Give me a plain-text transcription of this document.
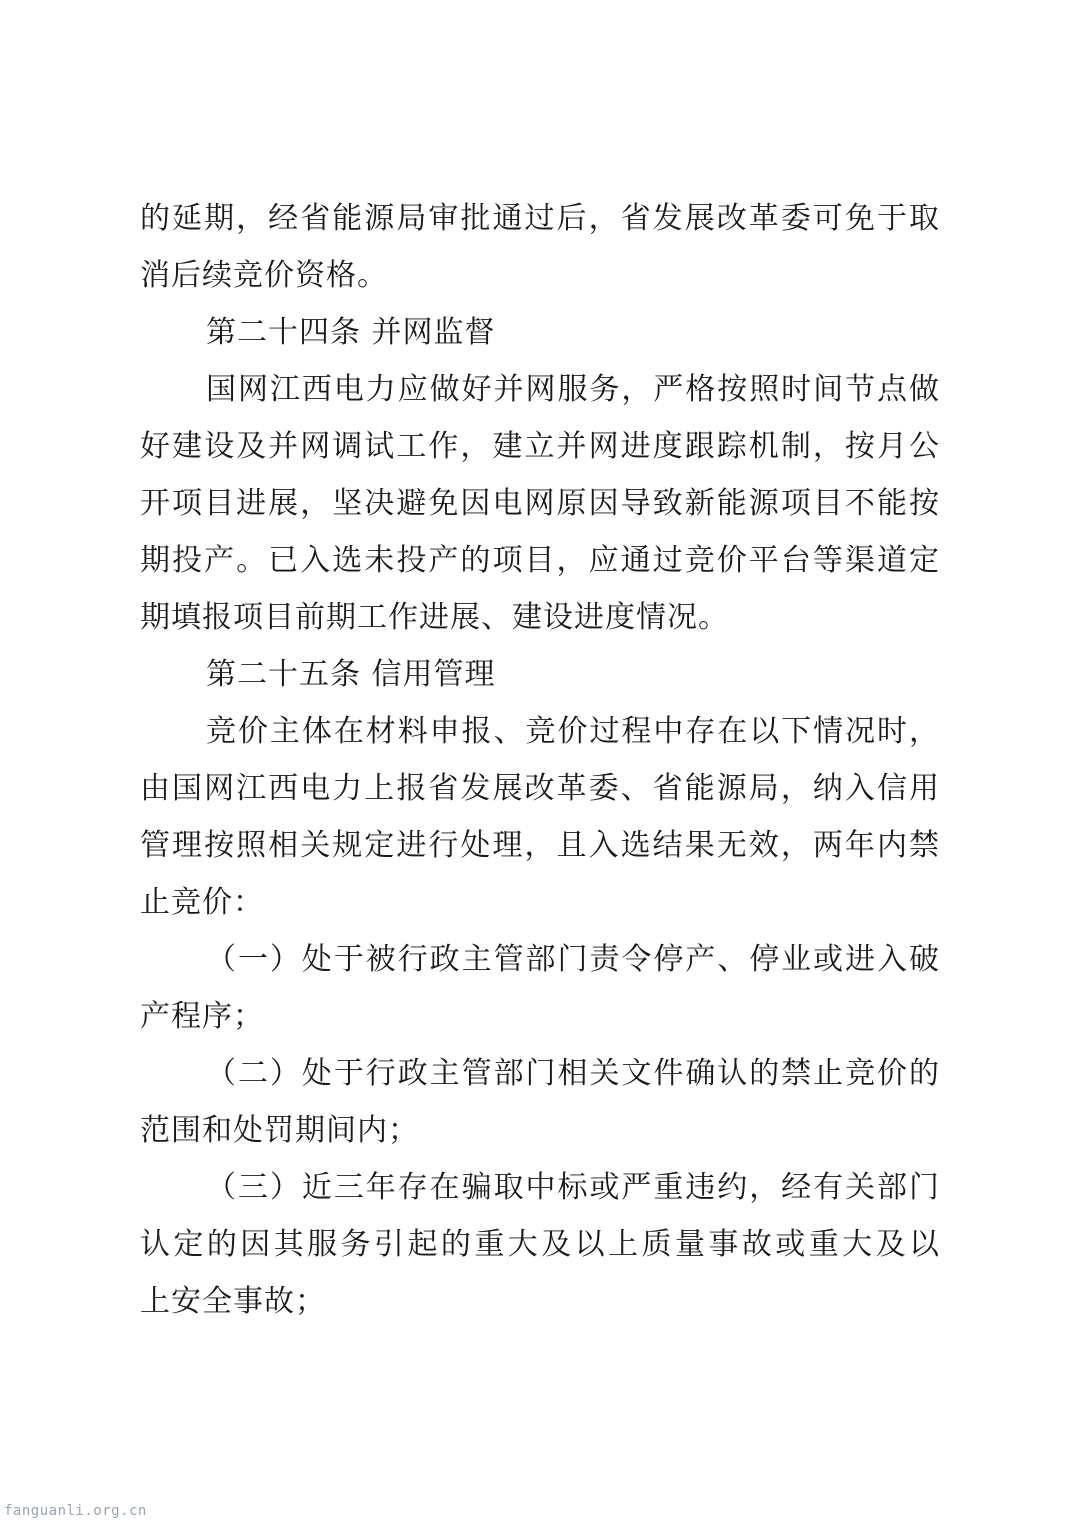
的延期，经省能源局审批通过后，省发展改革委可免于取
消后续竞价资格。
第二十四条 并网监督
国网江西电力应做好并网服务，严格按照时间节点做
好建设及并网调试工作，建立并网进度跟踪机制，按月公
开项目进展，坚决避免因电网原因导致新能源项目不能按
期投产。已入选未投产的项目，应通过竞价平台等渠道定
期填报项目前期工作进展、建设进度情况。
第二十五条 信用管理
竞价主体在材料申报、竞价过程中存在以下情况时，
由国网江西电力上报省发展改革委、省能源局，纳入信用
管理按照相关规定进行处理，且入选结果无效，两年内禁
止竞价：
（一）处于被行政主管部门责令停产、停业或进入破
产程序；
（二）处于行政主管部门相关文件确认的禁止竞价的
范围和处罚期间内；
（三）近三年存在骗取中标或严重违约，经有关部门
认定的因其服务引起的重大及以上质量事故或重大及以
上安全事故；
fanguanli.org.cn
